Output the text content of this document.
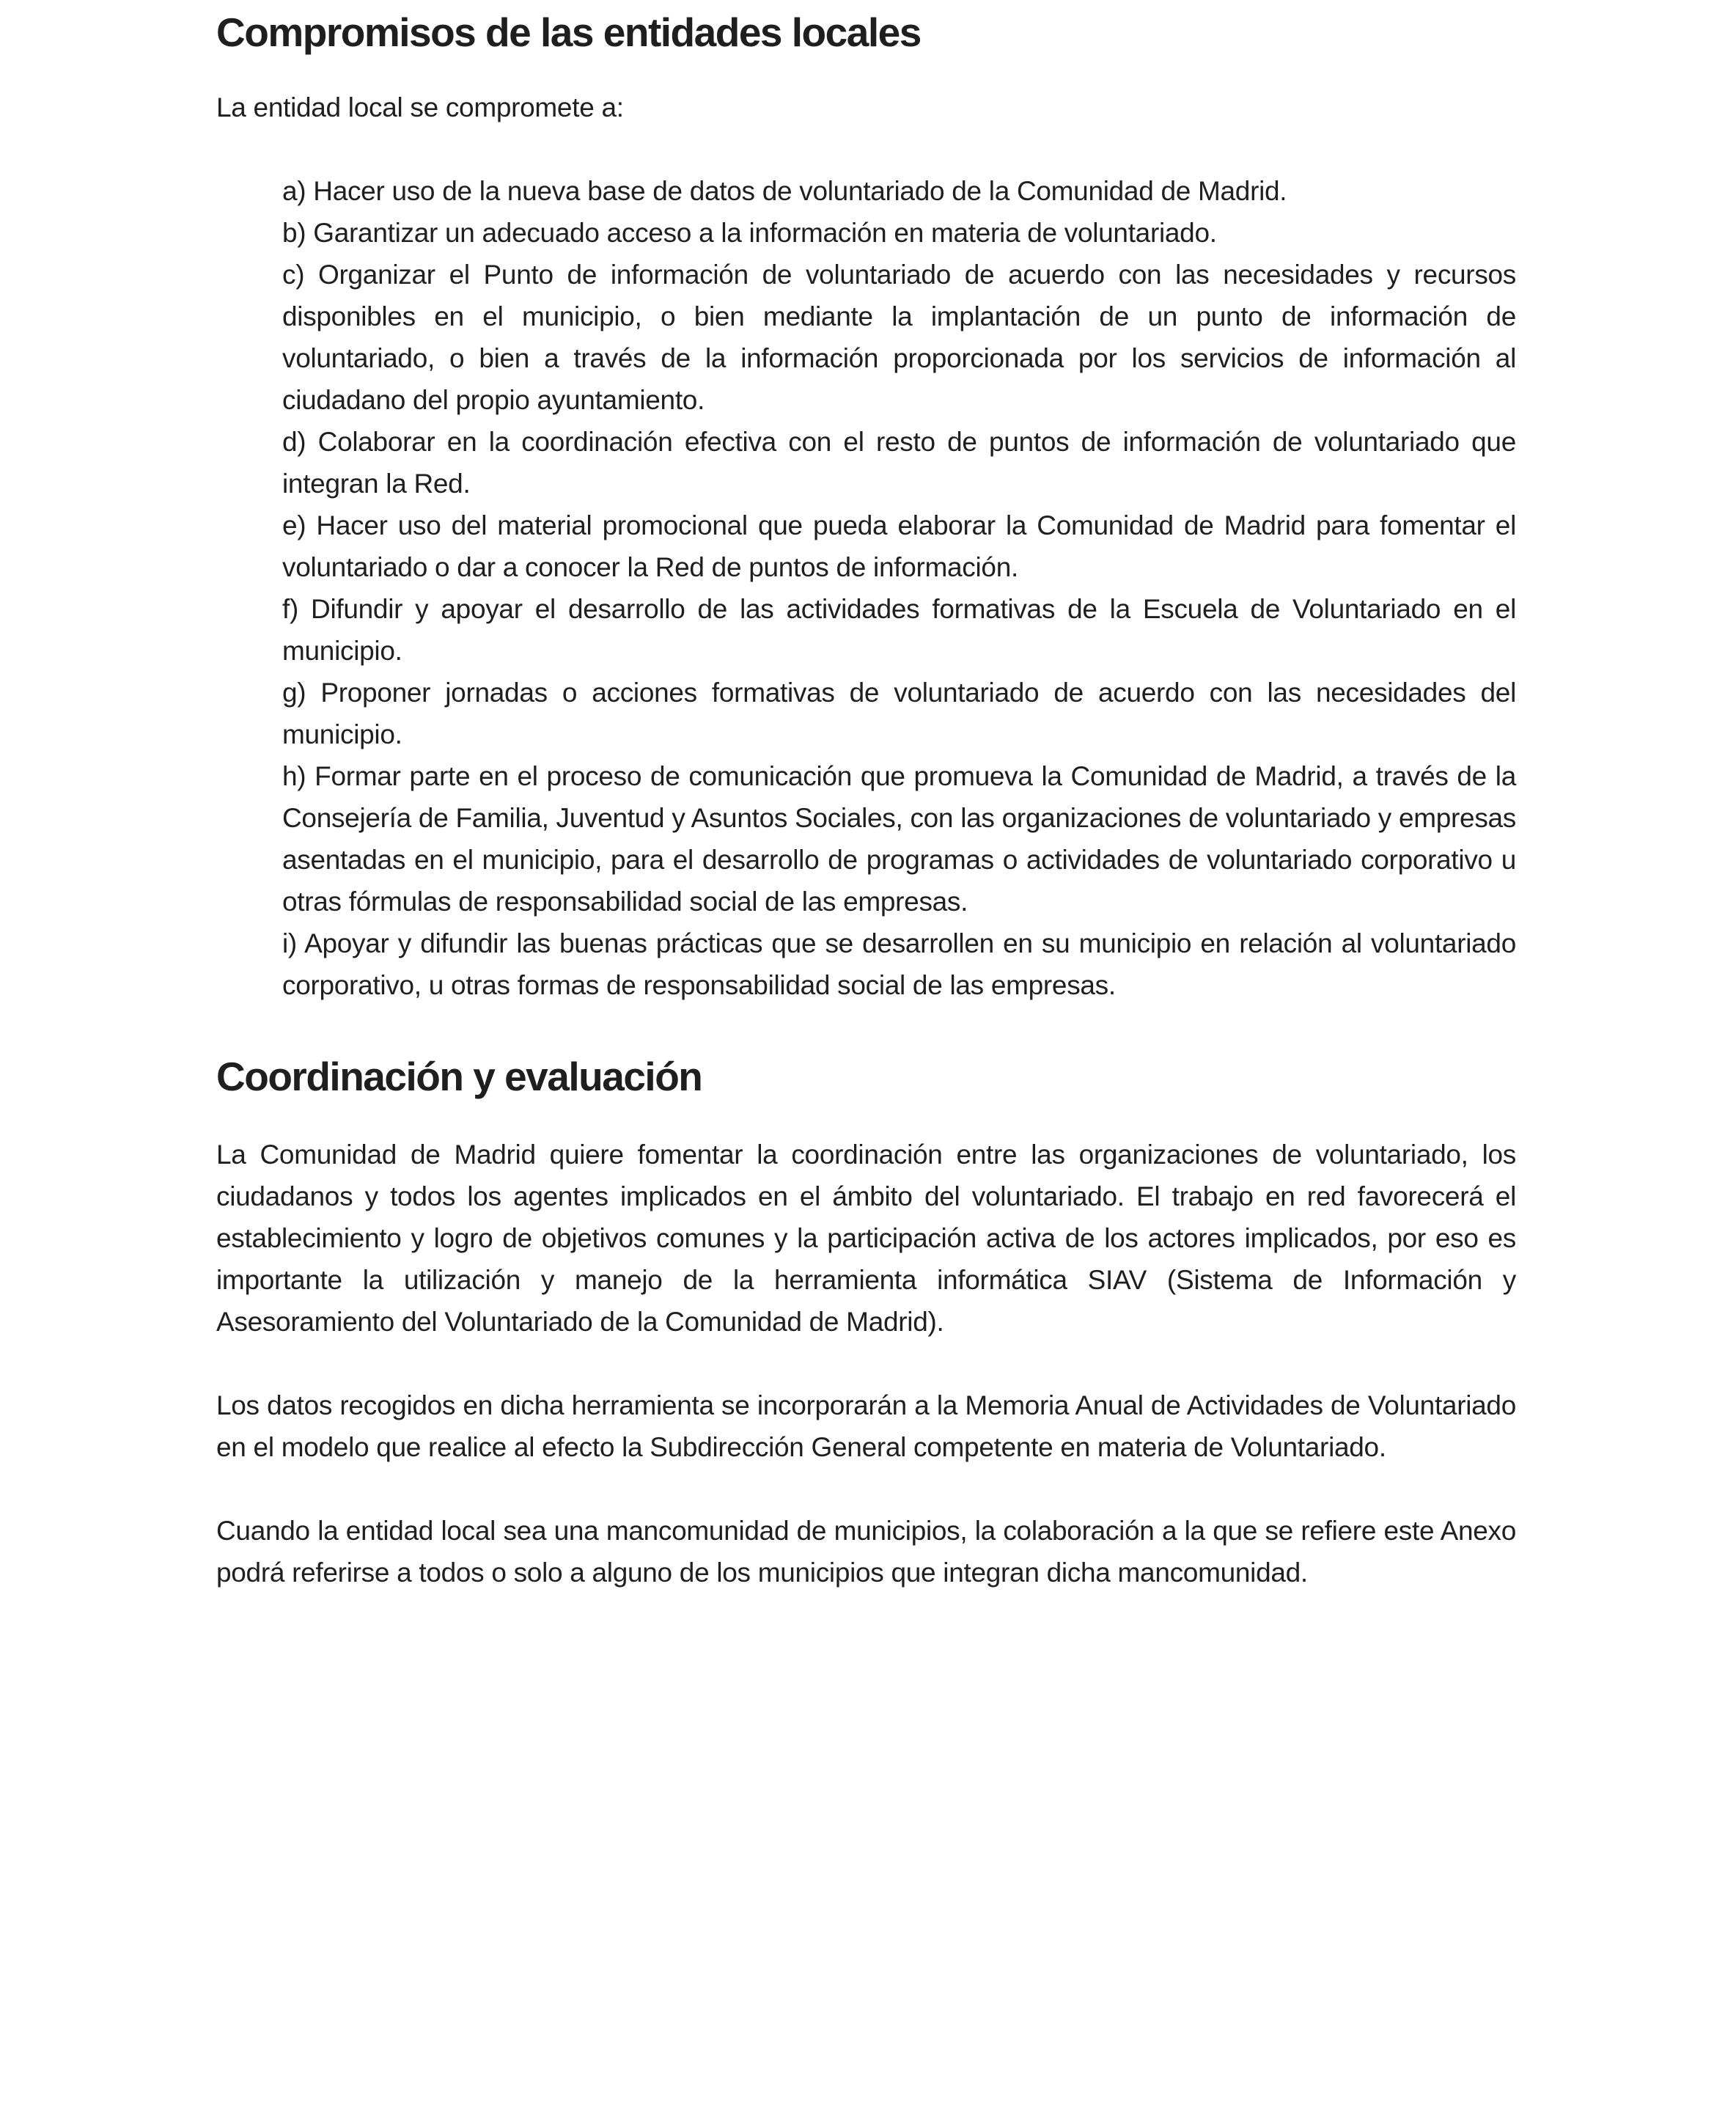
Compromisos de las entidades locales

La entidad local se compromete a:

a) Hacer uso de la nueva base de datos de voluntariado de la Comunidad de Madrid.

b) Garantizar un adecuado acceso a la información en materia de voluntariado.

c) Organizar el Punto de información de voluntariado de acuerdo con las necesidades y recursos disponibles en el municipio, o bien mediante la implantación de un punto de información de voluntariado, o bien a través de la información proporcionada por los servicios de información al ciudadano del propio ayuntamiento.

d) Colaborar en la coordinación efectiva con el resto de puntos de información de voluntariado que integran la Red.

e) Hacer uso del material promocional que pueda elaborar la Comunidad de Madrid para fomentar el voluntariado o dar a conocer la Red de puntos de información.

f) Difundir y apoyar el desarrollo de las actividades formativas de la Escuela de Voluntariado en el municipio.

g) Proponer jornadas o acciones formativas de voluntariado de acuerdo con las necesidades del municipio.

h) Formar parte en el proceso de comunicación que promueva la Comunidad de Madrid, a través de la Consejería de Familia, Juventud y Asuntos Sociales, con las organizaciones de voluntariado y empresas asentadas en el municipio, para el desarrollo de programas o actividades de voluntariado corporativo u otras fórmulas de responsabilidad social de las empresas.

i) Apoyar y difundir las buenas prácticas que se desarrollen en su municipio en relación al voluntariado corporativo, u otras formas de responsabilidad social de las empresas.

Coordinación y evaluación

La Comunidad de Madrid quiere fomentar la coordinación entre las organizaciones de voluntariado, los ciudadanos y todos los agentes implicados en el ámbito del voluntariado. El trabajo en red favorecerá el establecimiento y logro de objetivos comunes y la participación activa de los actores implicados, por eso es importante la utilización y manejo de la herramienta informática SIAV (Sistema de Información y Asesoramiento del Voluntariado de la Comunidad de Madrid).

Los datos recogidos en dicha herramienta se incorporarán a la Memoria Anual de Actividades de Voluntariado en el modelo que realice al efecto la Subdirección General competente en materia de Voluntariado.

Cuando la entidad local sea una mancomunidad de municipios, la colaboración a la que se refiere este Anexo podrá referirse a todos o solo a alguno de los municipios que integran dicha mancomunidad.
